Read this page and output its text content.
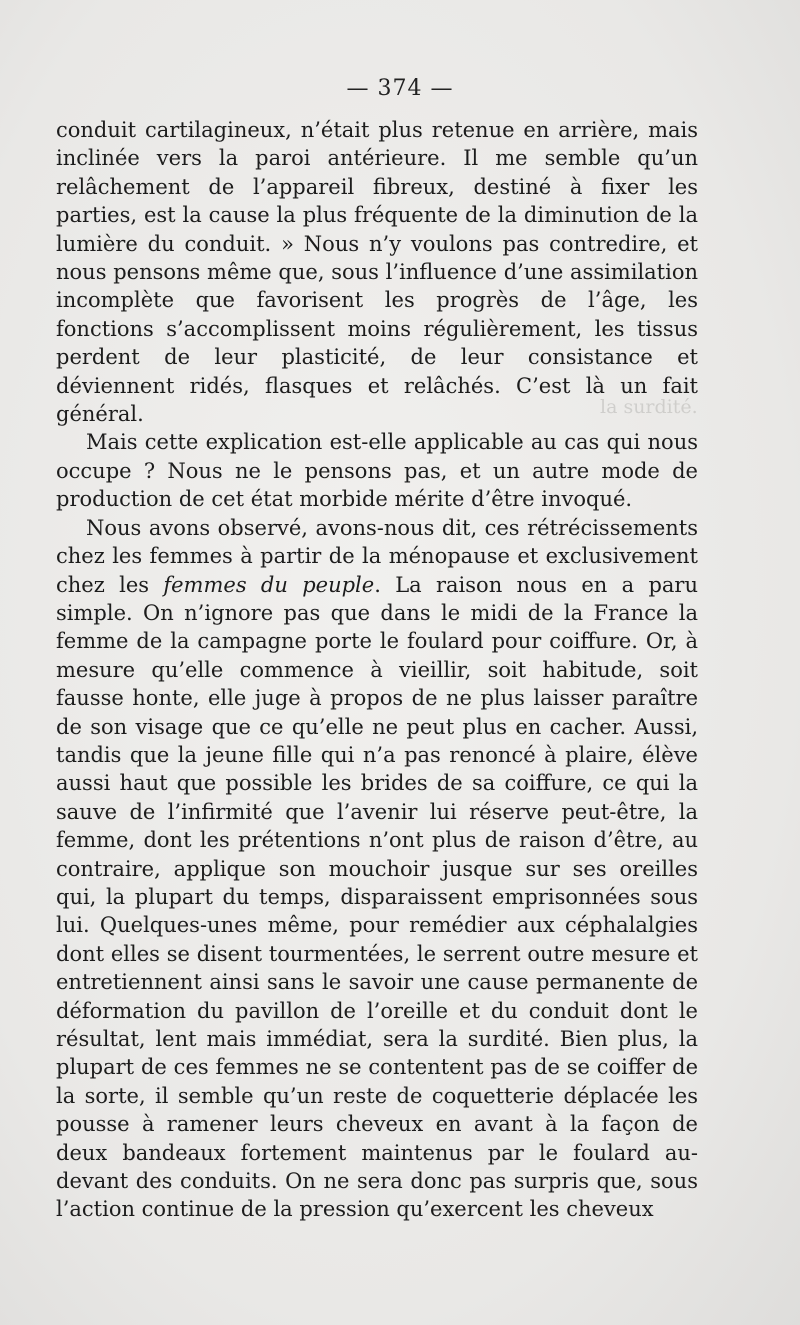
la surdité.
— 374 —

conduit cartilagineux, n’était plus retenue en arrière, mais inclinée vers la paroi antérieure. Il me semble qu’un relâchement de l’appareil fibreux, destiné à fixer les parties, est la cause la plus fréquente de la diminution de la lumière du conduit. » Nous n’y voulons pas contredire, et nous pensons même que, sous l’influence d’une assimilation incomplète que favorisent les progrès de l’âge, les fonctions s’accomplissent moins régulièrement, les tissus perdent de leur plasticité, de leur consistance et déviennent ridés, flasques et relâchés. C’est là un fait général.

Mais cette explication est-elle applicable au cas qui nous occupe ? Nous ne le pensons pas, et un autre mode de production de cet état morbide mérite d’être invoqué.

Nous avons observé, avons-nous dit, ces rétrécissements chez les femmes à partir de la ménopause et exclusivement chez les femmes du peuple. La raison nous en a paru simple. On n’ignore pas que dans le midi de la France la femme de la campagne porte le foulard pour coiffure. Or, à mesure qu’elle commence à vieillir, soit habitude, soit fausse honte, elle juge à propos de ne plus laisser paraître de son visage que ce qu’elle ne peut plus en cacher. Aussi, tandis que la jeune fille qui n’a pas renoncé à plaire, élève aussi haut que possible les brides de sa coiffure, ce qui la sauve de l’infirmité que l’avenir lui réserve peut-être, la femme, dont les prétentions n’ont plus de raison d’être, au contraire, applique son mouchoir jusque sur ses oreilles qui, la plupart du temps, disparaissent emprisonnées sous lui. Quelques-unes même, pour remédier aux céphalalgies dont elles se disent tourmentées, le serrent outre mesure et entretiennent ainsi sans le savoir une cause permanente de déformation du pavillon de l’oreille et du conduit dont le résultat, lent mais immédiat, sera la surdité. Bien plus, la plupart de ces femmes ne se contentent pas de se coiffer de la sorte, il semble qu’un reste de coquetterie déplacée les pousse à ramener leurs cheveux en avant à la façon de deux bandeaux fortement maintenus par le foulard au-devant des conduits. On ne sera donc pas surpris que, sous l’action continue de la pression qu’exercent les cheveux
